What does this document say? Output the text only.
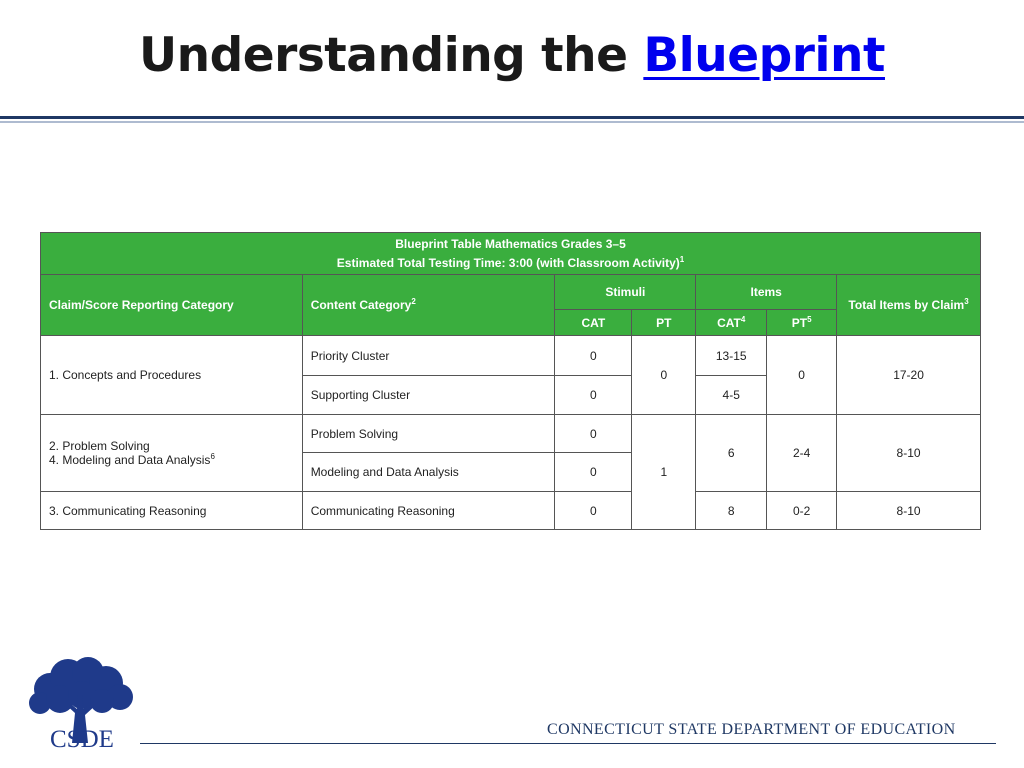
Understanding the Blueprint
Blueprint Table Mathematics Grades 3–5
Estimated Total Testing Time: 3:00 (with Classroom Activity)$^1$
Claim/Score Reporting Category	Content Category$^2$	Stimuli		Items		Total Items by Claim$^3$
		CAT	PT	CAT$^4$	$PT^5$
1. Concepts and Procedures	Priority Cluster	0	0	13-15	0	17-20
	Supporting Cluster	0		4-5		
2. Problem Solving
4. Modeling and Data Analysis$^6$	Problem Solving	0	1	6	2-4	8-10
	Modeling and Data Analysis	0				
3. Communicating Reasoning	Communicating Reasoning	0		8	0-2	8-10
CSDE	CONNECTICUT STATE DEPARTMENT OF EDUCATION
